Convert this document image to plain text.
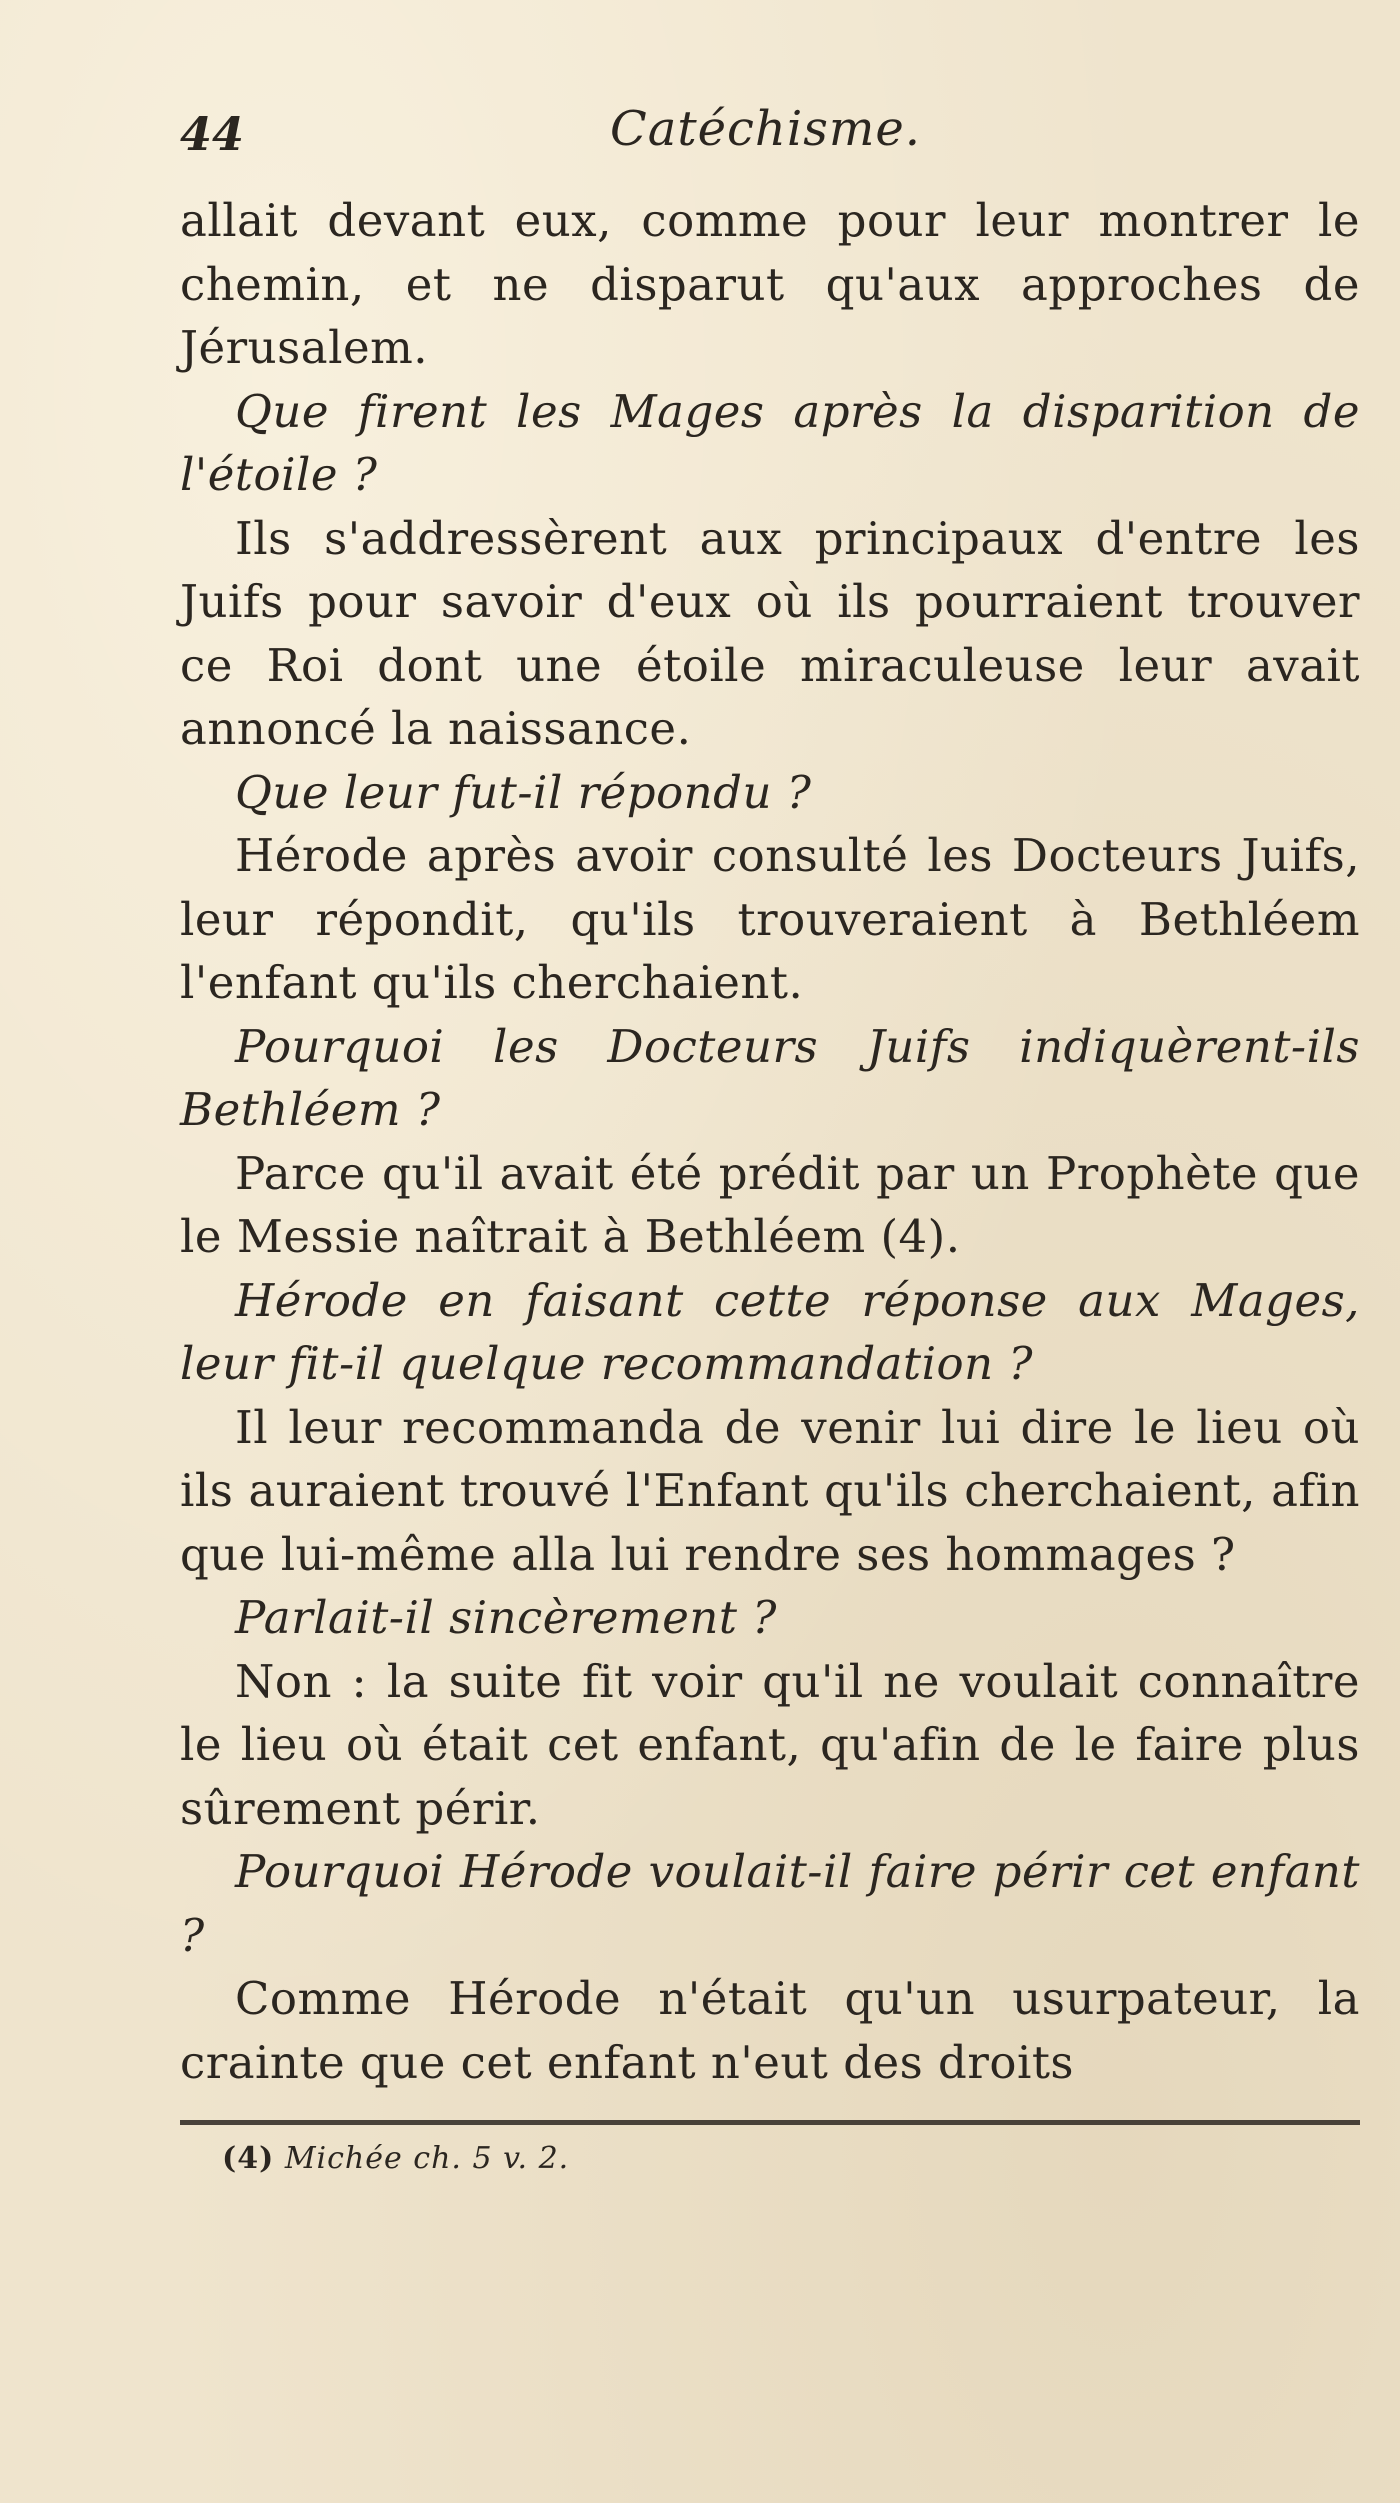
44	Catéchisme.

allait devant eux, comme pour leur montrer le chemin, et ne disparut qu'aux approches de Jérusalem.

Que firent les Mages après la disparition de l'étoile ?

Ils s'addressèrent aux principaux d'entre les Juifs pour savoir d'eux où ils pourraient trouver ce Roi dont une étoile miraculeuse leur avait annoncé la naissance.

Que leur fut-il répondu ?

Hérode après avoir consulté les Docteurs Juifs, leur répondit, qu'ils trouveraient à Bethléem l'enfant qu'ils cherchaient.

Pourquoi les Docteurs Juifs indiquèrent-ils Bethléem ?

Parce qu'il avait été prédit par un Prophète que le Messie naîtrait à Bethléem (4).

Hérode en faisant cette réponse aux Mages, leur fit-il quelque recommandation ?

Il leur recommanda de venir lui dire le lieu où ils auraient trouvé l'Enfant qu'ils cherchaient, afin que lui-même alla lui rendre ses hommages ?

Parlait-il sincèrement ?

Non : la suite fit voir qu'il ne voulait connaître le lieu où était cet enfant, qu'afin de le faire plus sûrement périr.

Pourquoi Hérode voulait-il faire périr cet enfant ?

Comme Hérode n'était qu'un usurpateur, la crainte que cet enfant n'eut des droits

(4) Michée ch. 5 v. 2.
